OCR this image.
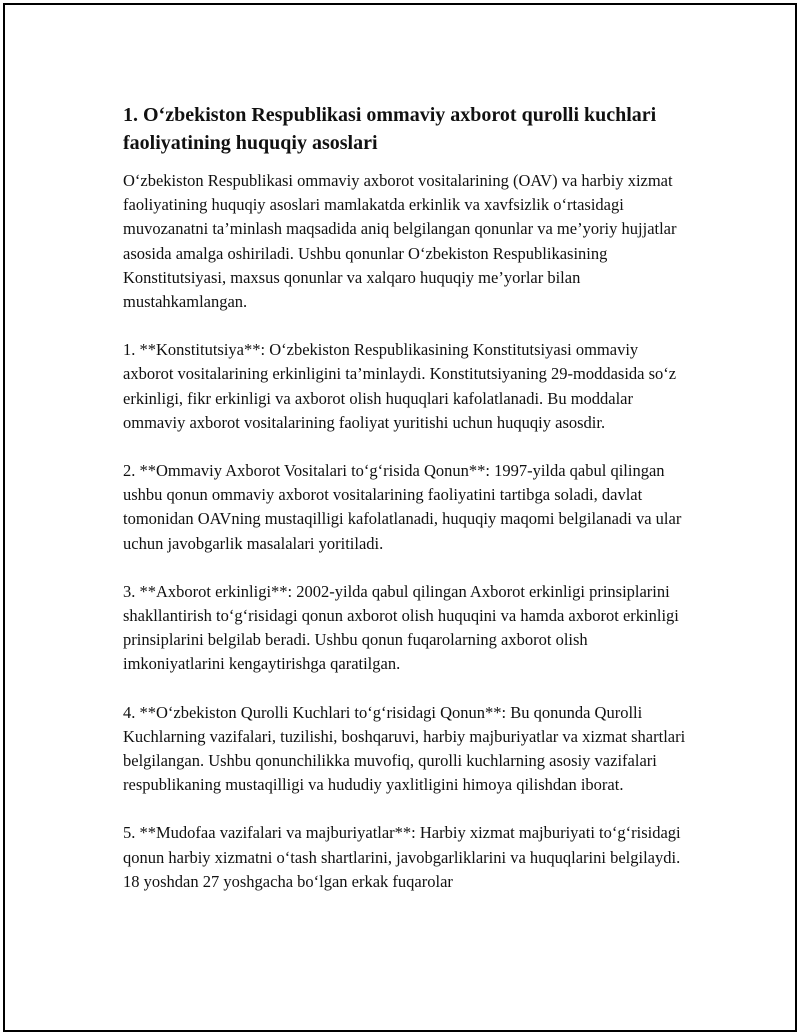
1. O‘zbekiston Respublikasi ommaviy axborot qurolli kuchlari faoliyatining huquqiy asoslari

O‘zbekiston Respublikasi ommaviy axborot vositalarining (OAV) va harbiy xizmat faoliyatining huquqiy asoslari mamlakatda erkinlik va xavfsizlik o‘rtasidagi muvozanatni ta’minlash maqsadida aniq belgilangan qonunlar va me’yoriy hujjatlar asosida amalga oshiriladi. Ushbu qonunlar O‘zbekiston Respublikasining Konstitutsiyasi, maxsus qonunlar va xalqaro huquqiy me’yorlar bilan mustahkamlangan.

1. **Konstitutsiya**: O‘zbekiston Respublikasining Konstitutsiyasi ommaviy axborot vositalarining erkinligini ta’minlaydi. Konstitutsiyaning 29-moddasida so‘z erkinligi, fikr erkinligi va axborot olish huquqlari kafolatlanadi. Bu moddalar ommaviy axborot vositalarining faoliyat yuritishi uchun huquqiy asosdir.

2. **Ommaviy Axborot Vositalari to‘g‘risida Qonun**: 1997-yilda qabul qilingan ushbu qonun ommaviy axborot vositalarining faoliyatini tartibga soladi, davlat tomonidan OAVning mustaqilligi kafolatlanadi, huquqiy maqomi belgilanadi va ular uchun javobgarlik masalalari yoritiladi.

3. **Axborot erkinligi**: 2002-yilda qabul qilingan Axborot erkinligi prinsiplarini shakllantirish to‘g‘risidagi qonun axborot olish huquqini va hamda axborot erkinligi prinsiplarini belgilab beradi. Ushbu qonun fuqarolarning axborot olish imkoniyatlarini kengaytirishga qaratilgan.

4. **O‘zbekiston Qurolli Kuchlari to‘g‘risidagi Qonun**: Bu qonunda Qurolli Kuchlarning vazifalari, tuzilishi, boshqaruvi, harbiy majburiyatlar va xizmat shartlari belgilangan. Ushbu qonunchilikka muvofiq, qurolli kuchlarning asosiy vazifalari respublikaning mustaqilligi va hududiy yaxlitligini himoya qilishdan iborat.

5. **Mudofaa vazifalari va majburiyatlar**: Harbiy xizmat majburiyati to‘g‘risidagi qonun harbiy xizmatni o‘tash shartlarini, javobgarliklarini va huquqlarini belgilaydi. 18 yoshdan 27 yoshgacha bo‘lgan erkak fuqarolar
